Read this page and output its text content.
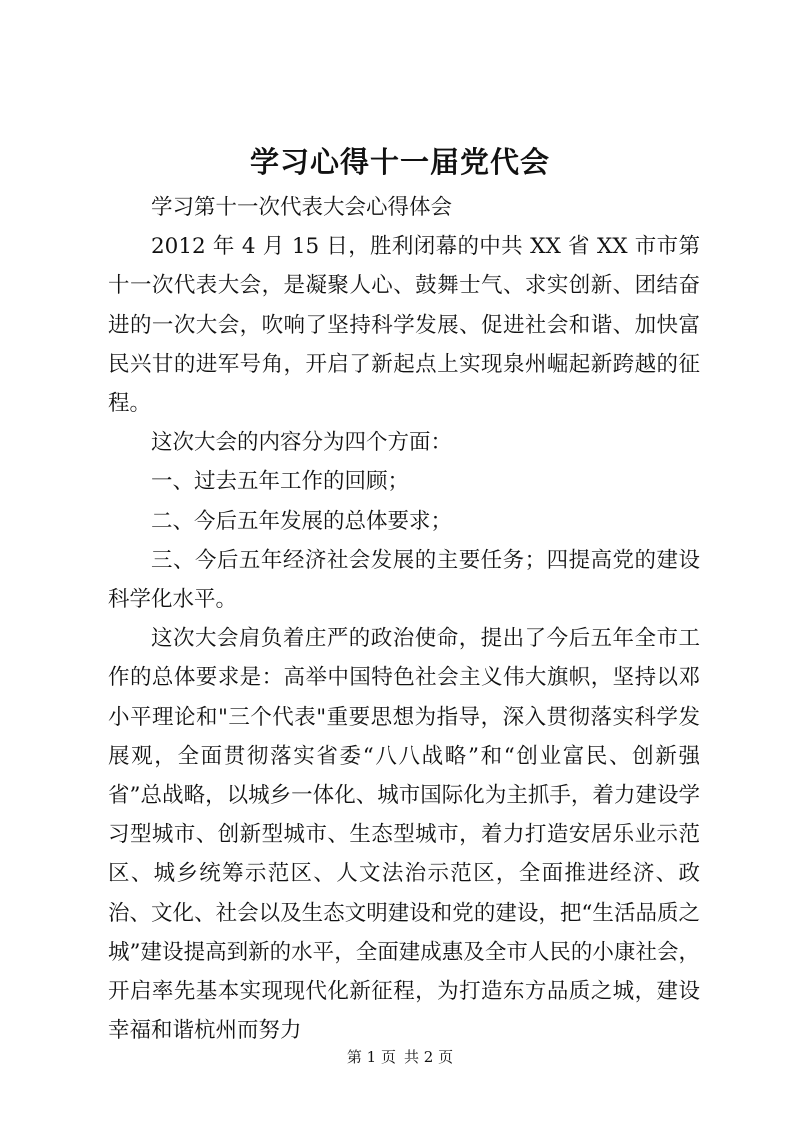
学习心得十一届党代会

学习第十一次代表大会心得体会

2012 年 4 月 15 日，胜利闭幕的中共 XX 省 XX 市市第十一次代表大会，是凝聚人心、鼓舞士气、求实创新、团结奋进的一次大会，吹响了坚持科学发展、促进社会和谐、加快富民兴甘的进军号角，开启了新起点上实现泉州崛起新跨越的征程。

这次大会的内容分为四个方面：

一、过去五年工作的回顾；

二、今后五年发展的总体要求；

三、今后五年经济社会发展的主要任务；四提高党的建设科学化水平。

这次大会肩负着庄严的政治使命，提出了今后五年全市工作的总体要求是：高举中国特色社会主义伟大旗帜，坚持以邓小平理论和"三个代表"重要思想为指导，深入贯彻落实科学发展观，全面贯彻落实省委“八八战略”和“创业富民、创新强省”总战略，以城乡一体化、城市国际化为主抓手，着力建设学习型城市、创新型城市、生态型城市，着力打造安居乐业示范区、城乡统筹示范区、人文法治示范区，全面推进经济、政治、文化、社会以及生态文明建设和党的建设，把“生活品质之城”建设提高到新的水平，全面建成惠及全市人民的小康社会，开启率先基本实现现代化新征程，为打造东方品质之城，建设幸福和谐杭州而努力

第 1 页 共 2 页
